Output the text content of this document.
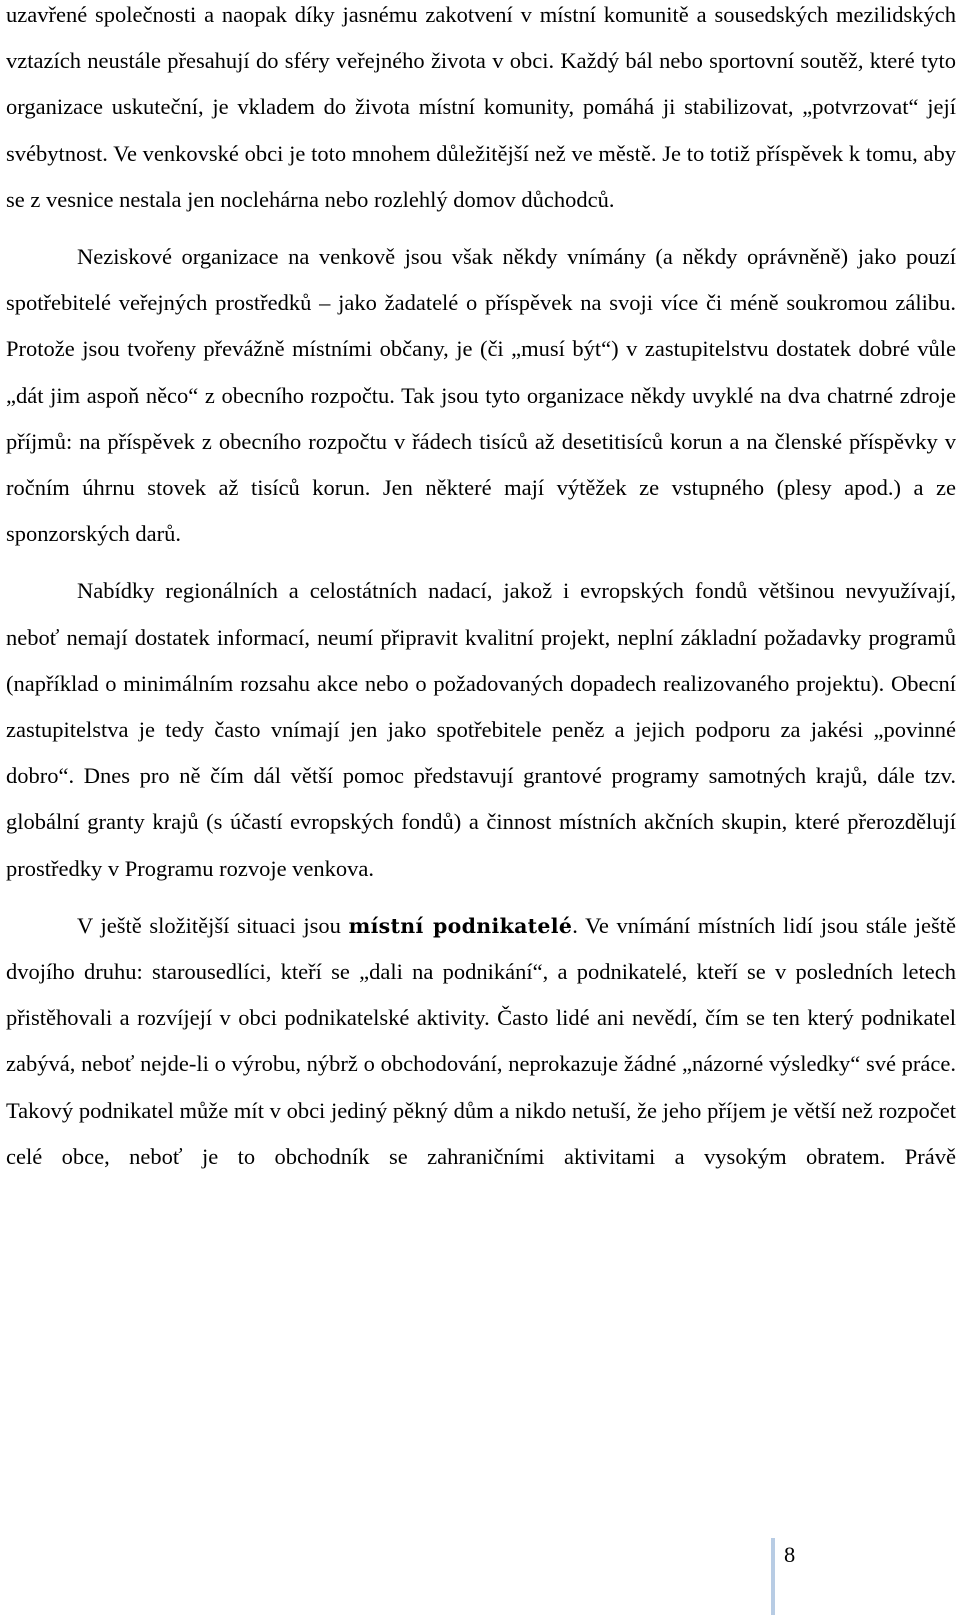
uzavřené společnosti a naopak díky jasnému zakotvení v místní komunitě a sousedských mezilidských vztazích neustále přesahují do sféry veřejného života v obci. Každý bál nebo sportovní soutěž, které tyto organizace uskuteční, je vkladem do života místní komunity, pomáhá ji stabilizovat, „potvrzovat“ její svébytnost. Ve venkovské obci je toto mnohem důležitější než ve městě. Je to totiž příspěvek k tomu, aby se z vesnice nestala jen noclehárna nebo rozlehlý domov důchodců.

Neziskové organizace na venkově jsou však někdy vnímány (a někdy oprávněně) jako pouzí spotřebitelé veřejných prostředků – jako žadatelé o příspěvek na svoji více či méně soukromou zálibu. Protože jsou tvořeny převážně místními občany, je (či „musí být“) v zastupitelstvu dostatek dobré vůle „dát jim aspoň něco“ z obecního rozpočtu. Tak jsou tyto organizace někdy uvyklé na dva chatrné zdroje příjmů: na příspěvek z obecního rozpočtu v řádech tisíců až desetitisíců korun a na členské příspěvky v ročním úhrnu stovek až tisíců korun. Jen některé mají výtěžek ze vstupného (plesy apod.) a ze sponzorských darů.

Nabídky regionálních a celostátních nadací, jakož i evropských fondů většinou nevyužívají, neboť nemají dostatek informací, neumí připravit kvalitní projekt, neplní základní požadavky programů (například o minimálním rozsahu akce nebo o požadovaných dopadech realizovaného projektu). Obecní zastupitelstva je tedy často vnímají jen jako spotřebitele peněz a jejich podporu za jakési „povinné dobro“. Dnes pro ně čím dál větší pomoc představují grantové programy samotných krajů, dále tzv. globální granty krajů (s účastí evropských fondů) a činnost místních akčních skupin, které přerozdělují prostředky v Programu rozvoje venkova.

V ještě složitější situaci jsou místní podnikatelé. Ve vnímání místních lidí jsou stále ještě dvojího druhu: starousedlíci, kteří se „dali na podnikání“, a podnikatelé, kteří se v posledních letech přistěhovali a rozvíjejí v obci podnikatelské aktivity. Často lidé ani nevědí, čím se ten který podnikatel zabývá, neboť nejde-li o výrobu, nýbrž o obchodování, neprokazuje žádné „názorné výsledky“ své práce. Takový podnikatel může mít v obci jediný pěkný dům a nikdo netuší, že jeho příjem je větší než rozpočet celé obce, neboť je to obchodník se zahraničními aktivitami a vysokým obratem. Právě

8
